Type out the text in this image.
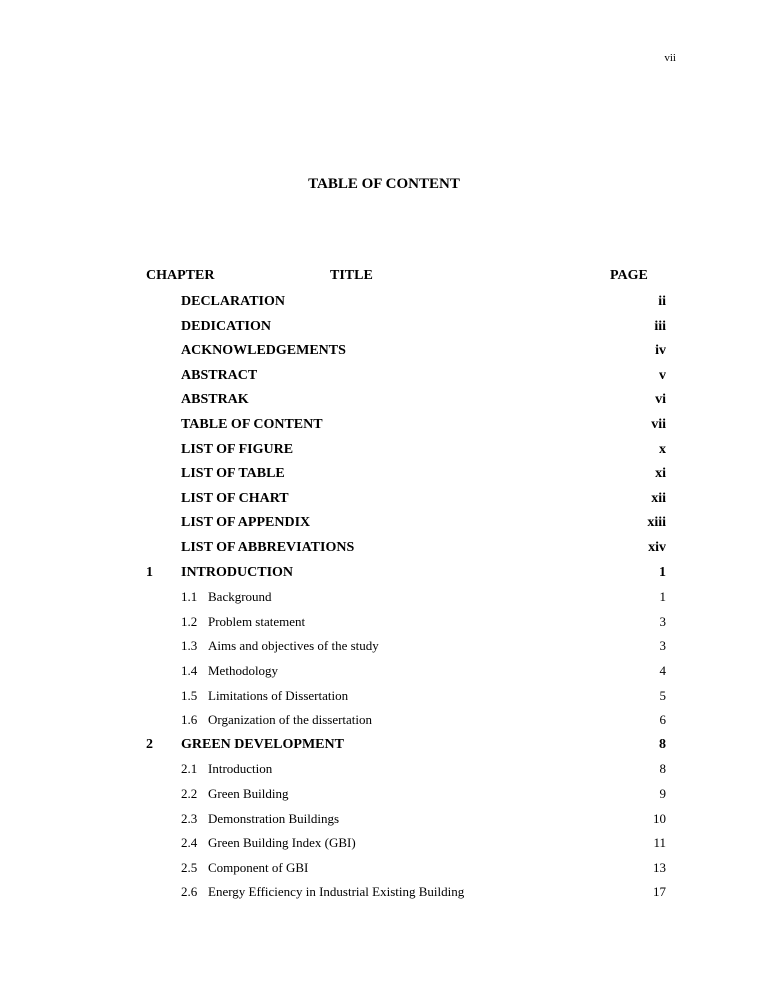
vii
TABLE OF CONTENT
CHAPTER	TITLE	PAGE
DECLARATION	ii
DEDICATION	iii
ACKNOWLEDGEMENTS	iv
ABSTRACT	v
ABSTRAK	vi
TABLE OF CONTENT	vii
LIST OF FIGURE	x
LIST OF TABLE	xi
LIST OF CHART	xii
LIST OF APPENDIX	xiii
LIST OF ABBREVIATIONS	xiv
1 INTRODUCTION	1
1.1 Background	1
1.2 Problem statement	3
1.3 Aims and objectives of the study	3
1.4 Methodology	4
1.5 Limitations of Dissertation	5
1.6 Organization of the dissertation	6
2 GREEN DEVELOPMENT	8
2.1 Introduction	8
2.2 Green Building	9
2.3 Demonstration Buildings	10
2.4 Green Building Index (GBI)	11
2.5 Component of GBI	13
2.6 Energy Efficiency in Industrial Existing Building	17
